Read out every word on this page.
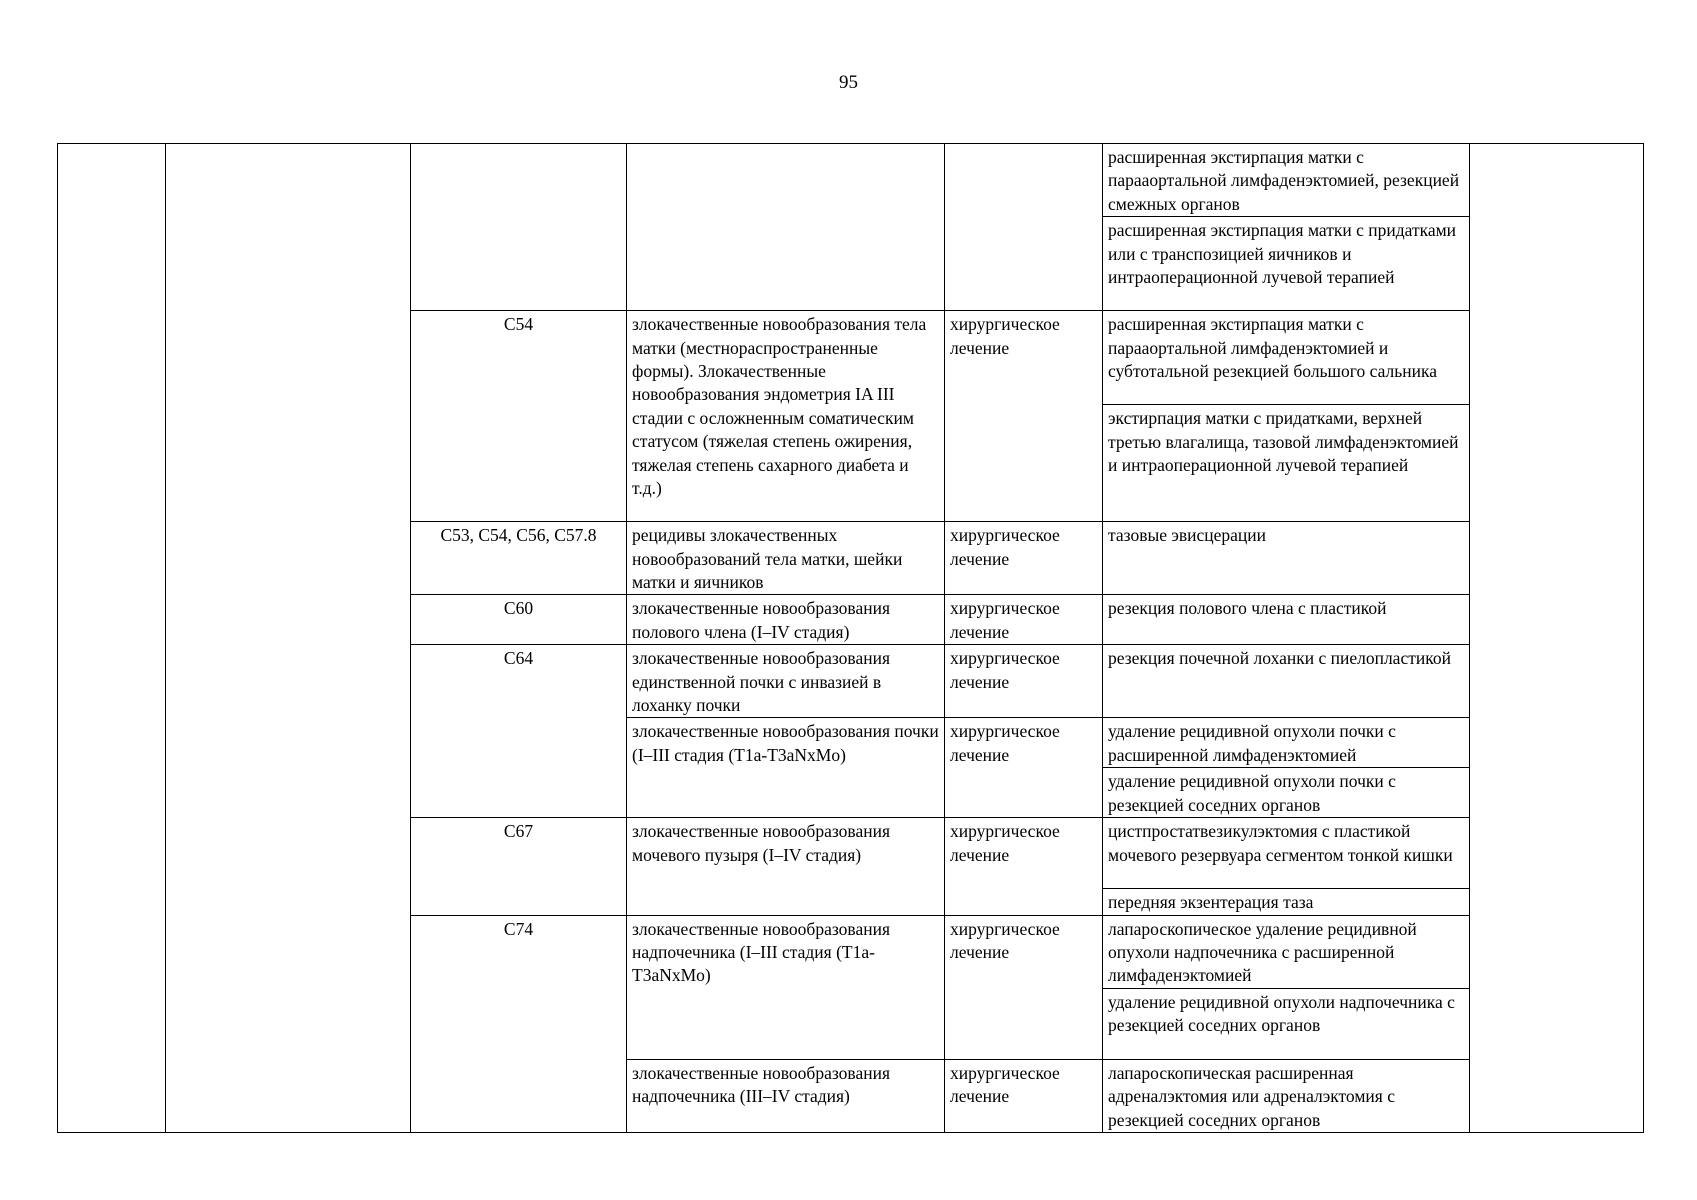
95
					расширенная экстирпация матки с парааортальной лимфаденэктомией, резекцией смежных органов	
					расширенная экстирпация матки с придатками или с транспозицией яичников и интраоперационной лучевой терапией	
		C54	злокачественные новообразования тела матки (местнораспространенные формы). Злокачественные новообразования эндометрия IA III стадии с осложненным соматическим статусом (тяжелая степень ожирения, тяжелая степень сахарного диабета и т.д.)	хирургическое лечение	расширенная экстирпация матки с парааортальной лимфаденэктомией и субтотальной резекцией большого сальника	
					экстирпация матки с придатками, верхней третью влагалища, тазовой лимфаденэктомией и интраоперационной лучевой терапией	
		C53, C54, C56, C57.8	рецидивы злокачественных новообразований тела матки, шейки матки и яичников	хирургическое лечение	тазовые эвисцерации	
		C60	злокачественные новообразования полового члена (I–IV стадия)	хирургическое лечение	резекция полового члена с пластикой	
		C64	злокачественные новообразования единственной почки с инвазией в лоханку почки	хирургическое лечение	резекция почечной лоханки с пиелопластикой	
			злокачественные новообразования почки (I–III стадия (T1a-T3aNxMo)	хирургическое лечение	удаление рецидивной опухоли почки с расширенной лимфаденэктомией	
					удаление рецидивной опухоли почки с резекцией соседних органов	
		C67	злокачественные новообразования мочевого пузыря (I–IV стадия)	хирургическое лечение	цистпростатвезикулэктомия с пластикой мочевого резервуара сегментом тонкой кишки	
					передняя экзентерация таза	
		C74	злокачественные новообразования надпочечника (I–III стадия (T1a-T3aNxMo)	хирургическое лечение	лапароскопическое удаление рецидивной опухоли надпочечника с расширенной лимфаденэктомией	
					удаление рецидивной опухоли надпочечника с резекцией соседних органов	
			злокачественные новообразования надпочечника (III–IV стадия)	хирургическое лечение	лапароскопическая расширенная адреналэктомия или адреналэктомия с резекцией соседних органов	
